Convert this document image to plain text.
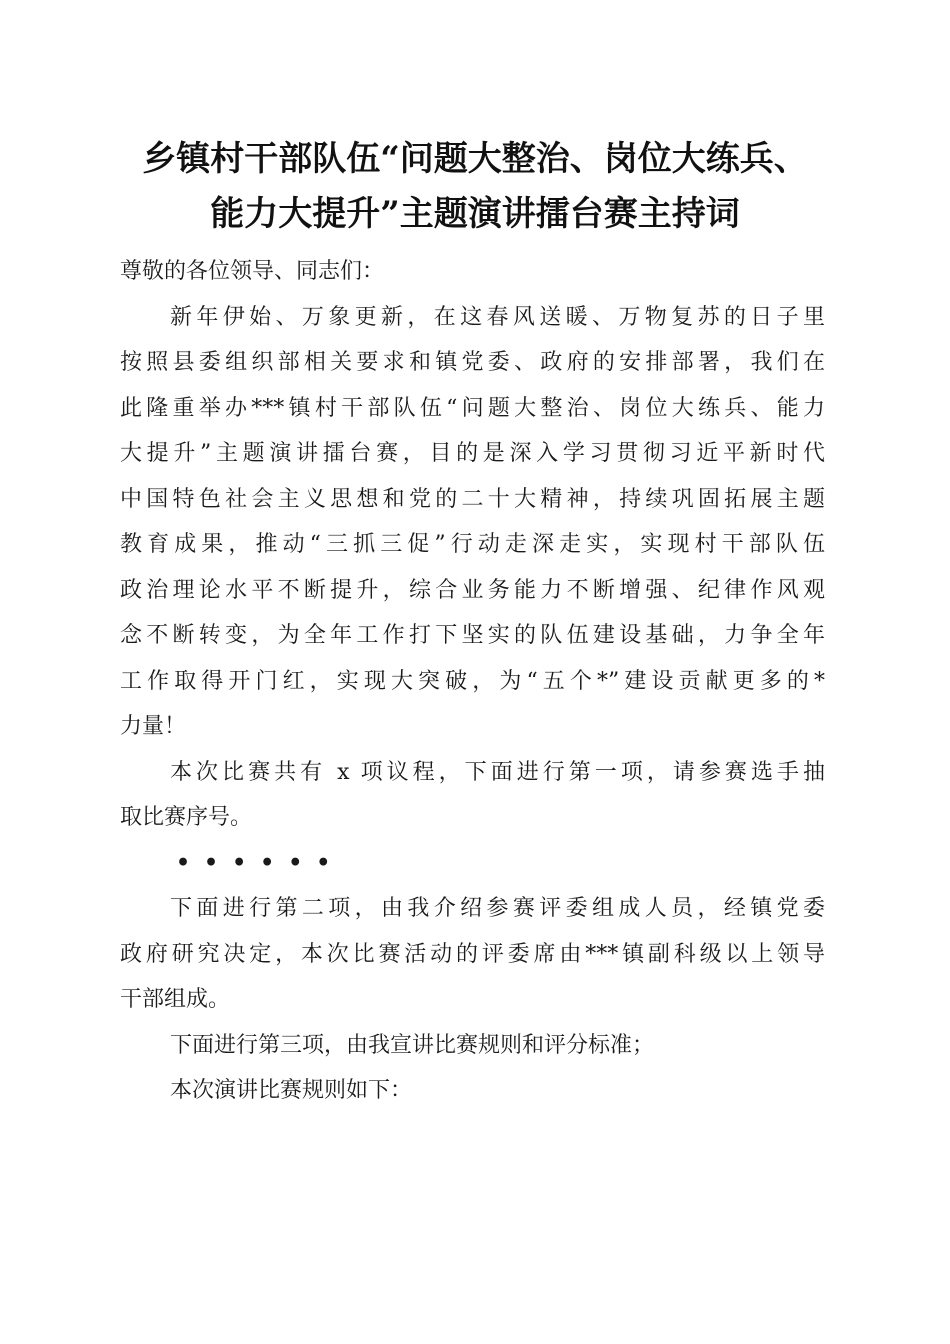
乡镇村干部队伍“问题大整治、岗位大练兵、
能力大提升”主题演讲擂台赛主持词
尊敬的各位领导、同志们：
新年伊始、万象更新，在这春风送暖、万物复苏的日子里
按照县委组织部相关要求和镇党委、政府的安排部署，我们在
此隆重举办***镇村干部队伍“问题大整治、岗位大练兵、能力
大提升”主题演讲擂台赛，目的是深入学习贯彻习近平新时代
中国特色社会主义思想和党的二十大精神，持续巩固拓展主题
教育成果，推动“三抓三促”行动走深走实，实现村干部队伍
政治理论水平不断提升，综合业务能力不断增强、纪律作风观
念不断转变，为全年工作打下坚实的队伍建设基础，力争全年
工作取得开门红，实现大突破，为“五个*”建设贡献更多的*
力量！
本次比赛共有 x 项议程，下面进行第一项，请参赛选手抽
取比赛序号。
••••••
下面进行第二项，由我介绍参赛评委组成人员，经镇党委
政府研究决定，本次比赛活动的评委席由***镇副科级以上领导
干部组成。
下面进行第三项，由我宣讲比赛规则和评分标准；
本次演讲比赛规则如下：
